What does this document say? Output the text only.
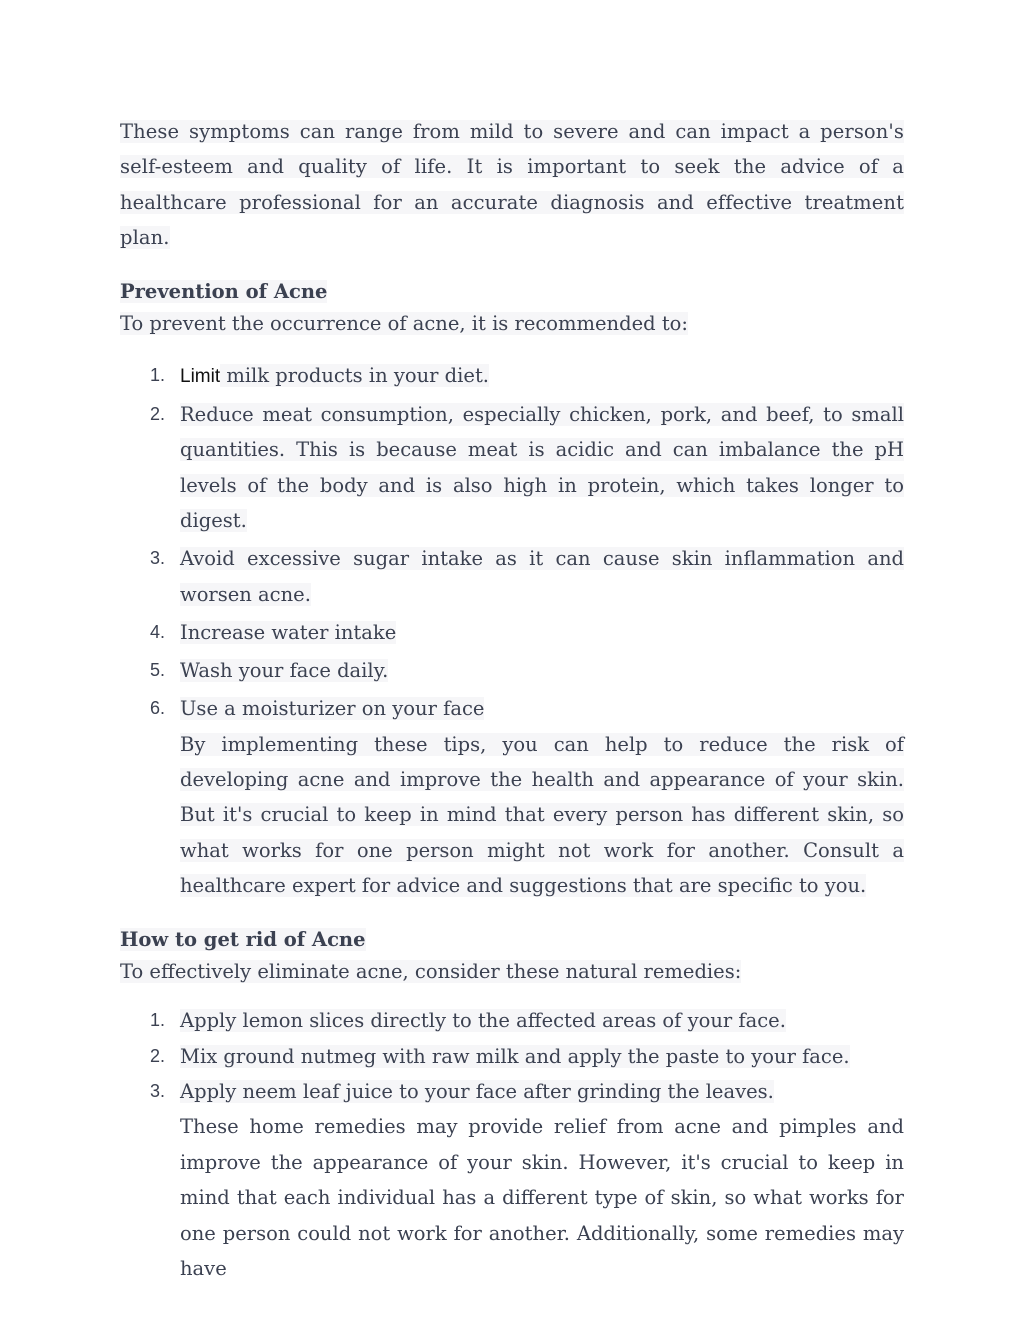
These symptoms can range from mild to severe and can impact a person's self-esteem and quality of life. It is important to seek the advice of a healthcare professional for an accurate diagnosis and effective treatment plan.

Prevention of Acne

To prevent the occurrence of acne, it is recommended to:

1. Limit milk products in your diet.
2. Reduce meat consumption, especially chicken, pork, and beef, to small quantities. This is because meat is acidic and can imbalance the pH levels of the body and is also high in protein, which takes longer to digest.
3. Avoid excessive sugar intake as it can cause skin inflammation and worsen acne.
4. Increase water intake
5. Wash your face daily.
6. Use a moisturizer on your face

By implementing these tips, you can help to reduce the risk of developing acne and improve the health and appearance of your skin. But it's crucial to keep in mind that every person has different skin, so what works for one person might not work for another. Consult a healthcare expert for advice and suggestions that are specific to you.

How to get rid of Acne

To effectively eliminate acne, consider these natural remedies:

1. Apply lemon slices directly to the affected areas of your face.
2. Mix ground nutmeg with raw milk and apply the paste to your face.
3. Apply neem leaf juice to your face after grinding the leaves.

These home remedies may provide relief from acne and pimples and improve the appearance of your skin. However, it's crucial to keep in mind that each individual has a different type of skin, so what works for one person could not work for another. Additionally, some remedies may have
